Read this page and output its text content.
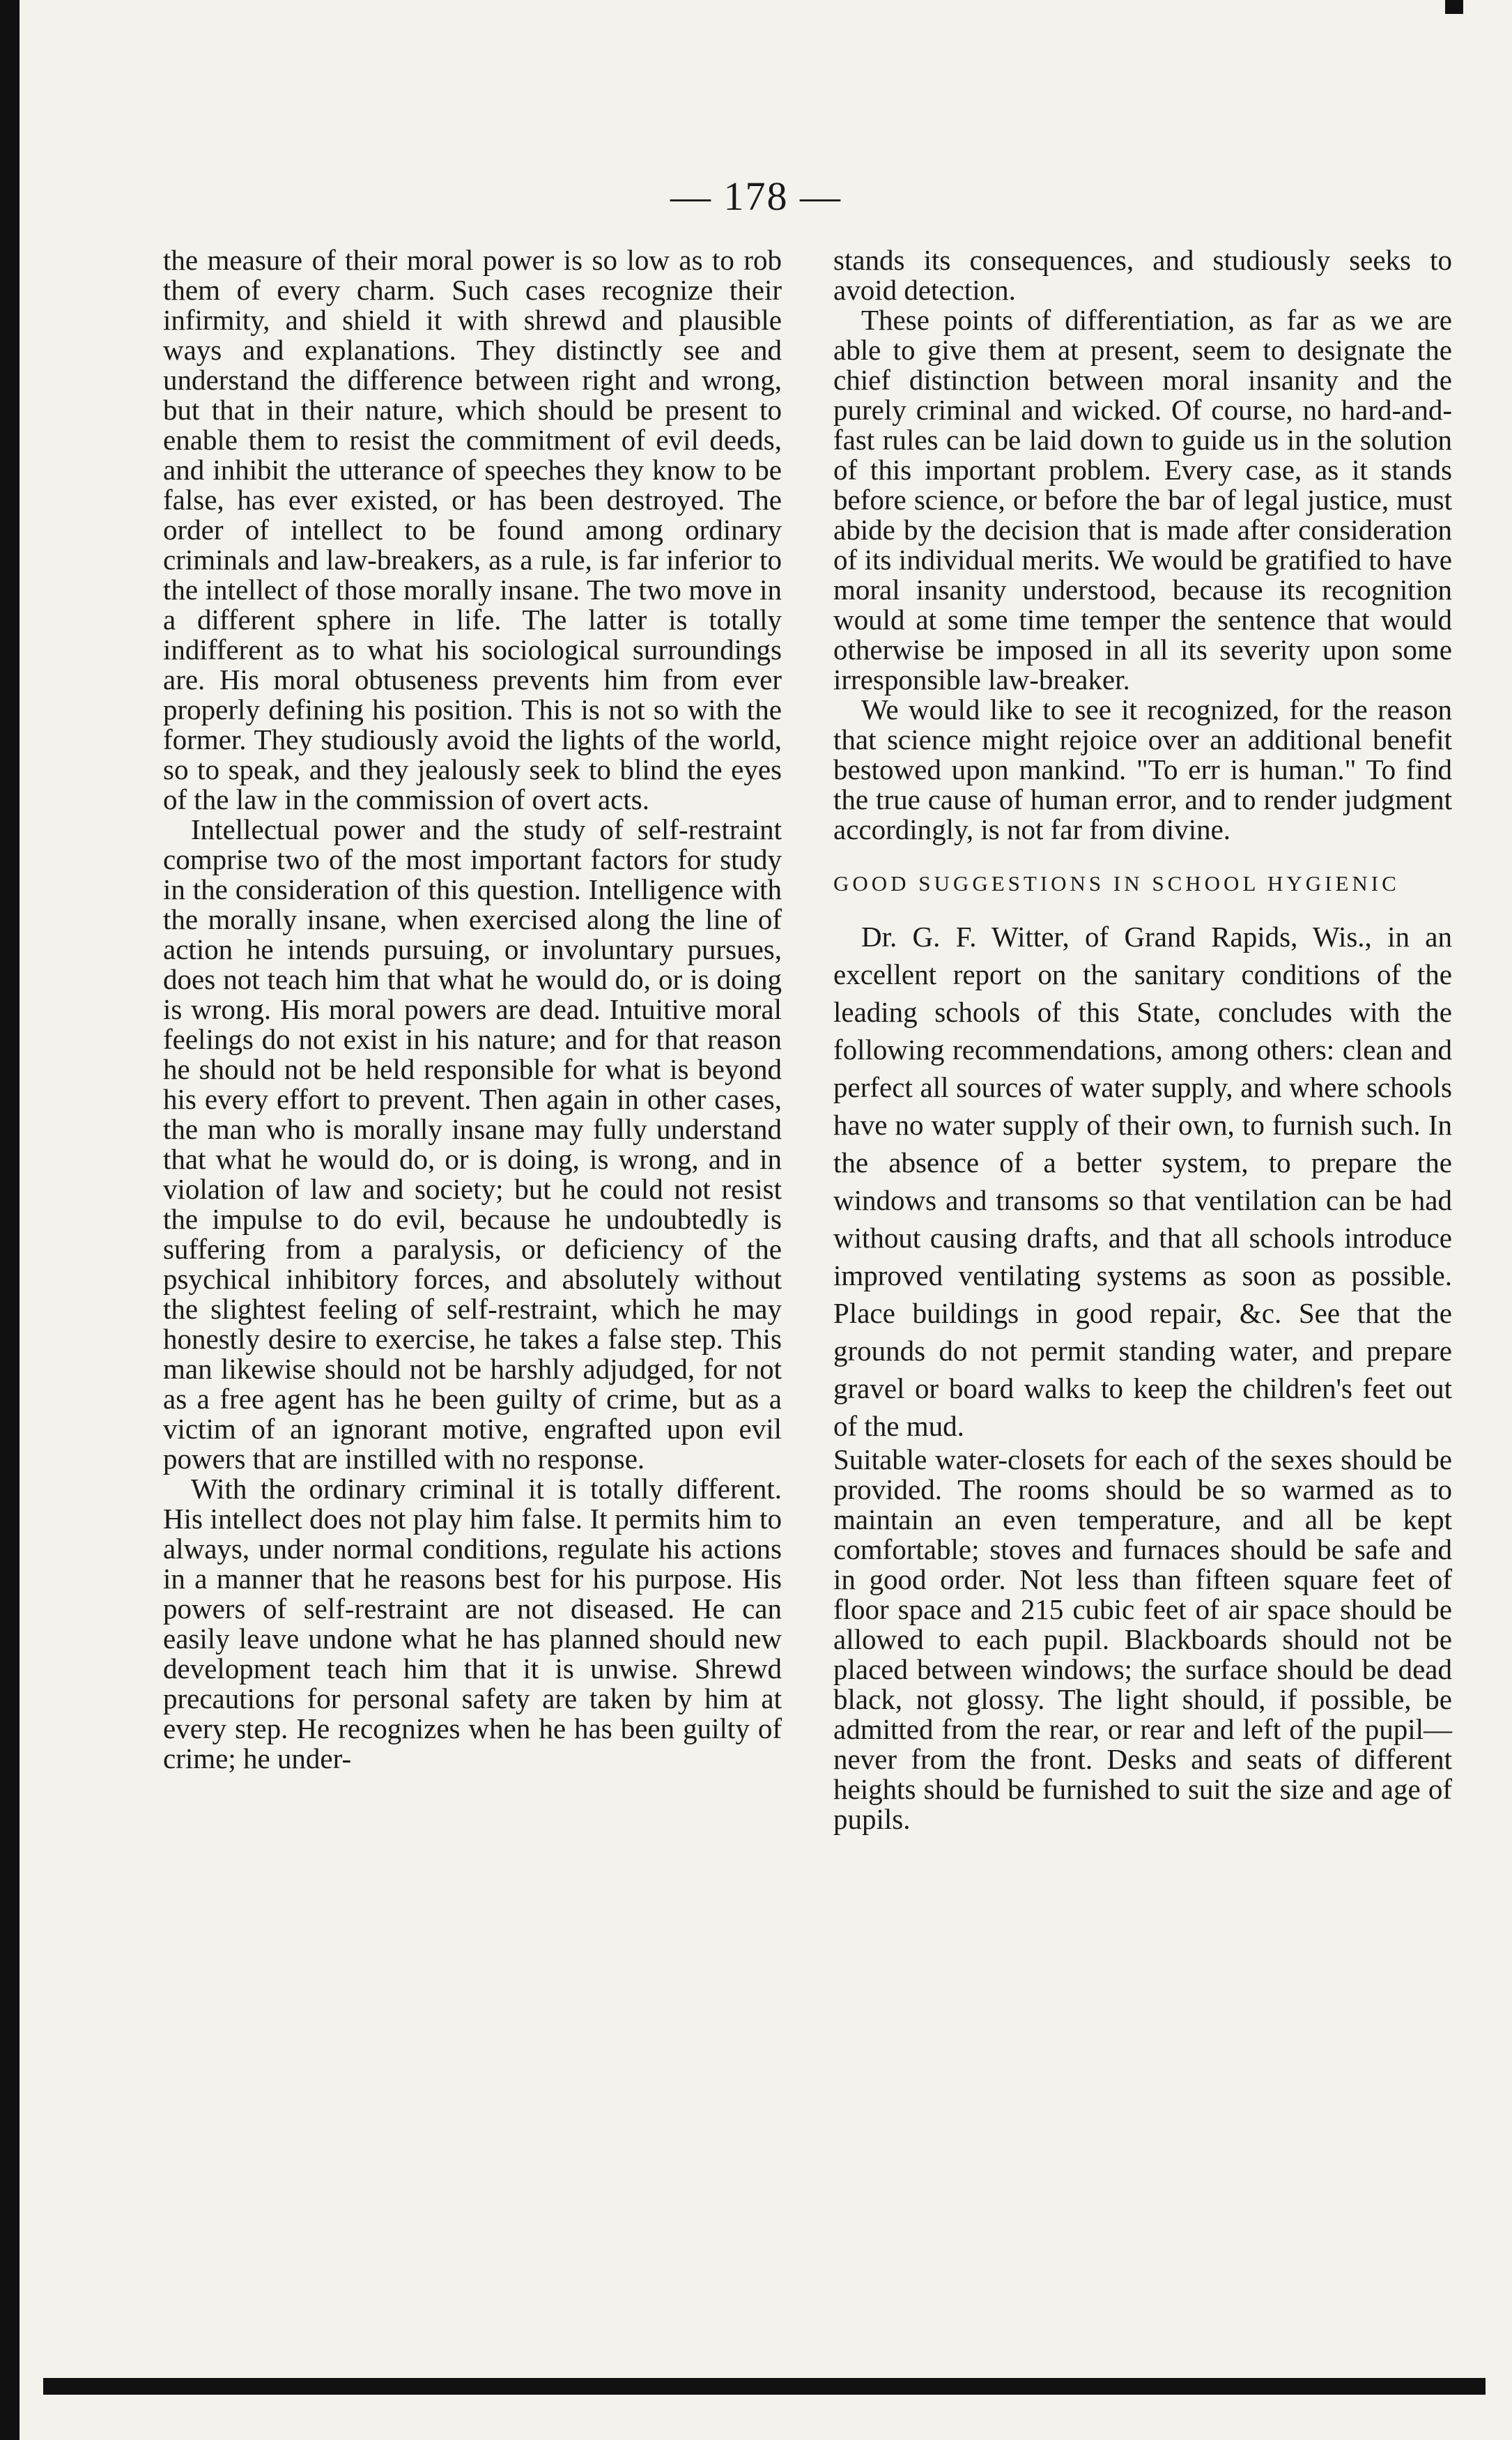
— 178 —

the measure of their moral power is so low as to rob them of every charm. Such cases recognize their infirmity, and shield it with shrewd and plausible ways and explanations. They distinctly see and understand the difference between right and wrong, but that in their nature, which should be present to enable them to resist the commitment of evil deeds, and inhibit the utterance of speeches they know to be false, has ever existed, or has been destroyed. The order of intellect to be found among ordinary criminals and law-breakers, as a rule, is far inferior to the intellect of those morally insane. The two move in a different sphere in life. The latter is totally indifferent as to what his sociological surroundings are. His moral obtuseness prevents him from ever properly defining his position. This is not so with the former. They studiously avoid the lights of the world, so to speak, and they jealously seek to blind the eyes of the law in the commission of overt acts.

Intellectual power and the study of self-restraint comprise two of the most important factors for study in the consideration of this question. Intelligence with the morally insane, when exercised along the line of action he intends pursuing, or involuntary pursues, does not teach him that what he would do, or is doing is wrong. His moral powers are dead. Intuitive moral feelings do not exist in his nature; and for that reason he should not be held responsible for what is beyond his every effort to prevent. Then again in other cases, the man who is morally insane may fully understand that what he would do, or is doing, is wrong, and in violation of law and society; but he could not resist the impulse to do evil, because he undoubtedly is suffering from a paralysis, or deficiency of the psychical inhibitory forces, and absolutely without the slightest feeling of self-restraint, which he may honestly desire to exercise, he takes a false step. This man likewise should not be harshly adjudged, for not as a free agent has he been guilty of crime, but as a victim of an ignorant motive, engrafted upon evil powers that are instilled with no response.

With the ordinary criminal it is totally different. His intellect does not play him false. It permits him to always, under normal conditions, regulate his actions in a manner that he reasons best for his purpose. His powers of self-restraint are not diseased. He can easily leave undone what he has planned should new development teach him that it is unwise. Shrewd precautions for personal safety are taken by him at every step. He recognizes when he has been guilty of crime; he under-

stands its consequences, and studiously seeks to avoid detection.

These points of differentiation, as far as we are able to give them at present, seem to designate the chief distinction between moral insanity and the purely criminal and wicked. Of course, no hard-and-fast rules can be laid down to guide us in the solution of this important problem. Every case, as it stands before science, or before the bar of legal justice, must abide by the decision that is made after consideration of its individual merits. We would be gratified to have moral insanity understood, because its recognition would at some time temper the sentence that would otherwise be imposed in all its severity upon some irresponsible law-breaker.

We would like to see it recognized, for the reason that science might rejoice over an additional benefit bestowed upon mankind. "To err is human." To find the true cause of human error, and to render judgment accordingly, is not far from divine.

GOOD SUGGESTIONS IN SCHOOL HYGIENIC

Dr. G. F. Witter, of Grand Rapids, Wis., in an excellent report on the sanitary conditions of the leading schools of this State, concludes with the following recommendations, among others: clean and perfect all sources of water supply, and where schools have no water supply of their own, to furnish such. In the absence of a better system, to prepare the windows and transoms so that ventilation can be had without causing drafts, and that all schools introduce improved ventilating systems as soon as possible. Place buildings in good repair, &c. See that the grounds do not permit standing water, and prepare gravel or board walks to keep the children's feet out of the mud.

Suitable water-closets for each of the sexes should be provided. The rooms should be so warmed as to maintain an even temperature, and all be kept comfortable; stoves and furnaces should be safe and in good order. Not less than fifteen square feet of floor space and 215 cubic feet of air space should be allowed to each pupil. Blackboards should not be placed between windows; the surface should be dead black, not glossy. The light should, if possible, be admitted from the rear, or rear and left of the pupil—never from the front. Desks and seats of different heights should be furnished to suit the size and age of pupils.
